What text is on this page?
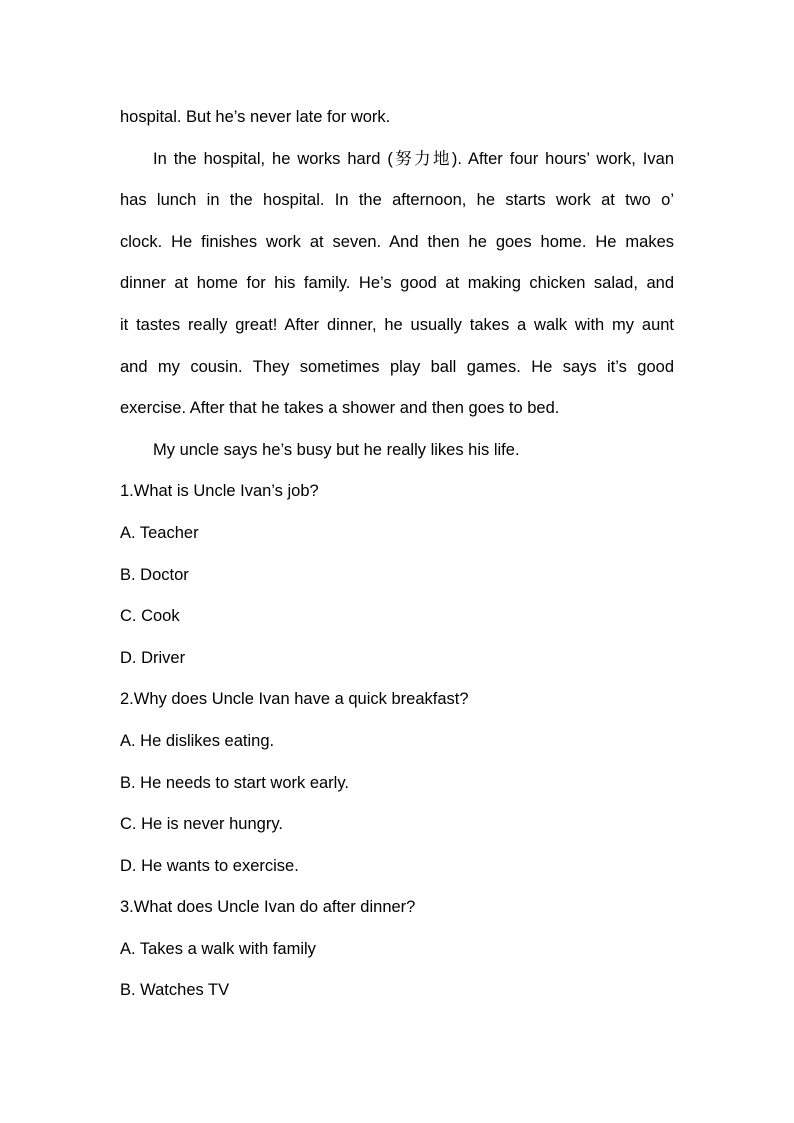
hospital. But he’s never late for work.
In the hospital, he works hard (努力地). After four hours’ work, Ivan
has lunch in the hospital. In the afternoon, he starts work at two o’
clock. He finishes work at seven. And then he goes home. He makes
dinner at home for his family. He’s good at making chicken salad, and
it tastes really great! After dinner, he usually takes a walk with my aunt
and my cousin. They sometimes play ball games. He says it’s good
exercise. After that he takes a shower and then goes to bed.
My uncle says he’s busy but he really likes his life.
1.What is Uncle Ivan’s job?
A. Teacher
B. Doctor
C. Cook
D. Driver
2.Why does Uncle Ivan have a quick breakfast?
A. He dislikes eating.
B. He needs to start work early.
C. He is never hungry.
D. He wants to exercise.
3.What does Uncle Ivan do after dinner?
A. Takes a walk with family
B. Watches TV
